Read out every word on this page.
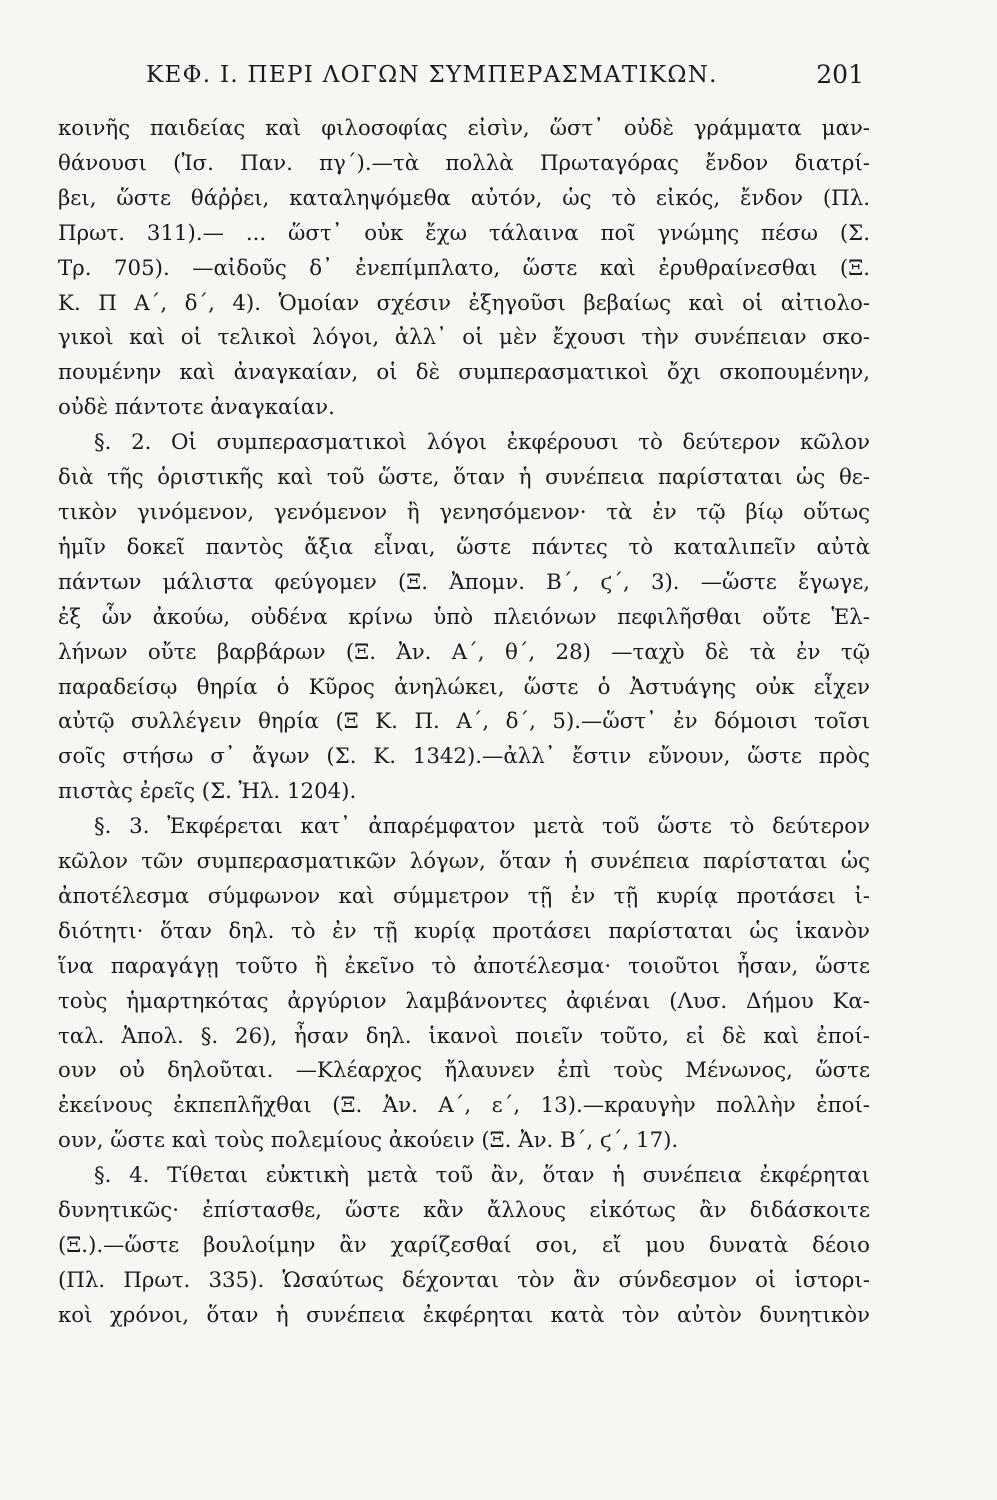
ΚΕΦ. Ι. ΠΕΡΙ ΛΟΓΩΝ ΣΥΜΠΕΡΑΣΜΑΤΙΚΩΝ.	201

κοινῆς παιδείας καὶ φιλοσοφίας εἰσὶν, ὥστ᾽ οὐδὲ γράμματα μαν-
θάνουσι (Ἰσ. Παν. πγ´).—τὰ πολλὰ Πρωταγόρας ἔνδον διατρί-
βει, ὥστε θάῤῥει, καταληψόμεθα αὐτόν, ὡς τὸ εἰκός, ἔνδον (Πλ.
Πρωτ. 311).— ... ὥστ᾽ οὐκ ἔχω τάλαινα ποῖ γνώμης πέσω (Σ.
Τρ. 705). —αἰδοῦς δ᾽ ἐνεπίμπλατο, ὥστε καὶ ἐρυθραίνεσθαι (Ξ.
Κ. Π Α´, δ´, 4). Ὁμοίαν σχέσιν ἐξηγοῦσι βεβαίως καὶ οἱ αἰτιολο-
γικοὶ καὶ οἱ τελικοὶ λόγοι, ἀλλ᾽ οἱ μὲν ἔχουσι τὴν συνέπειαν σκο-
πουμένην καὶ ἀναγκαίαν, οἱ δὲ συμπερασματικοὶ ὄχι σκοπουμένην,
οὐδὲ πάντοτε ἀναγκαίαν.

§. 2. Οἱ συμπερασματικοὶ λόγοι ἐκφέρουσι τὸ δεύτερον κῶλον
διὰ τῆς ὁριστικῆς καὶ τοῦ ὥστε, ὅταν ἡ συνέπεια παρίσταται ὡς θε-
τικὸν γινόμενον, γενόμενον ἢ γενησόμενον· τὰ ἐν τῷ βίῳ οὕτως
ἡμῖν δοκεῖ παντὸς ἄξια εἶναι, ὥστε πάντες τὸ καταλιπεῖν αὐτὰ
πάντων μάλιστα φεύγομεν (Ξ. Ἀπομν. Β´, ϛ´, 3). —ὥστε ἔγωγε,
ἐξ ὧν ἀκούω, οὐδένα κρίνω ὑπὸ πλειόνων πεφιλῆσθαι οὔτε Ἑλ-
λήνων οὔτε βαρβάρων (Ξ. Ἀν. Α´, θ´, 28) —ταχὺ δὲ τὰ ἐν τῷ
παραδείσῳ θηρία ὁ Κῦρος ἀνηλώκει, ὥστε ὁ Ἀστυάγης οὐκ εἶχεν
αὐτῷ συλλέγειν θηρία (Ξ Κ. Π. Α´, δ´, 5).—ὥστ᾽ ἐν δόμοισι τοῖσι
σοῖς στήσω σ᾽ ἄγων (Σ. Κ. 1342).—ἀλλ᾽ ἔστιν εὔνουν, ὥστε πρὸς
πιστὰς ἐρεῖς (Σ. Ἠλ. 1204).

§. 3. Ἐκφέρεται κατ᾽ ἀπαρέμφατον μετὰ τοῦ ὥστε τὸ δεύτερον
κῶλον τῶν συμπερασματικῶν λόγων, ὅταν ἡ συνέπεια παρίσταται ὡς
ἀποτέλεσμα σύμφωνον καὶ σύμμετρον τῇ ἐν τῇ κυρίᾳ προτάσει ἰ-
διότητι· ὅταν δηλ. τὸ ἐν τῇ κυρίᾳ προτάσει παρίσταται ὡς ἱκανὸν
ἵνα παραγάγῃ τοῦτο ἢ ἐκεῖνο τὸ ἀποτέλεσμα· τοιοῦτοι ἦσαν, ὥστε
τοὺς ἡμαρτηκότας ἀργύριον λαμβάνοντες ἀφιέναι (Λυσ. Δήμου Κα-
ταλ. Ἀπολ. §. 26), ἦσαν δηλ. ἱκανοὶ ποιεῖν τοῦτο, εἰ δὲ καὶ ἐποί-
ουν οὐ δηλοῦται. —Κλέαρχος ἤλαυνεν ἐπὶ τοὺς Μένωνος, ὥστε
ἐκείνους ἐκπεπλῆχθαι (Ξ. Ἀν. Α´, ε´, 13).—κραυγὴν πολλὴν ἐποί-
ουν, ὥστε καὶ τοὺς πολεμίους ἀκούειν (Ξ. Ἀν. Β´, ϛ´, 17).

§. 4. Τίθεται εὐκτικὴ μετὰ τοῦ ἂν, ὅταν ἡ συνέπεια ἐκφέρηται
δυνητικῶς· ἐπίστασθε, ὥστε κἂν ἄλλους εἰκότως ἂν διδάσκοιτε
(Ξ.).—ὥστε βουλοίμην ἂν χαρίζεσθαί σοι, εἴ μου δυνατὰ δέοιο
(Πλ. Πρωτ. 335). Ὡσαύτως δέχονται τὸν ἂν σύνδεσμον οἱ ἱστορι-
κοὶ χρόνοι, ὅταν ἡ συνέπεια ἐκφέρηται κατὰ τὸν αὐτὸν δυνητικὸν
